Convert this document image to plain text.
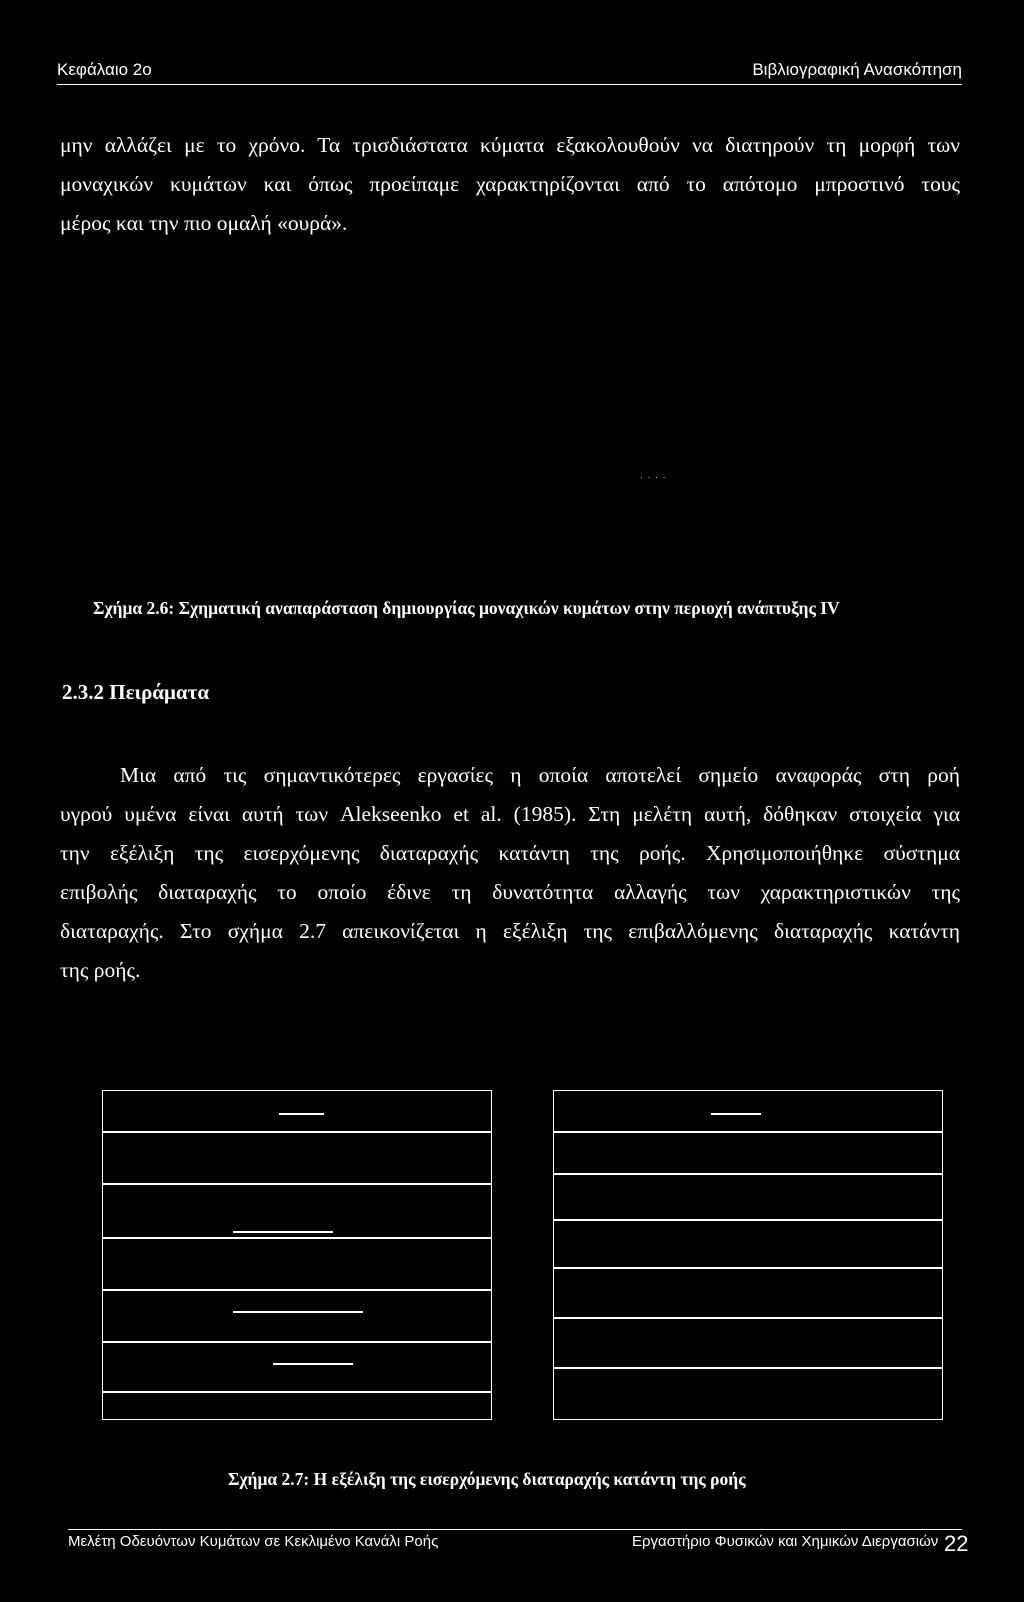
Κεφάλαιο 2ο	Βιβλιογραφική Ανασκόπηση
μην αλλάζει με το χρόνο. Τα τρισδιάστατα κύματα εξακολουθούν να διατηρούν τη μορφή των
μοναχικών κυμάτων και όπως προείπαμε χαρακτηρίζονται από το απότομο μπροστινό τους
μέρος και την πιο ομαλή «ουρά».
. . . .
Σχήμα 2.6: Σχηματική αναπαράσταση δημιουργίας μοναχικών κυμάτων στην περιοχή ανάπτυξης IV
2.3.2 Πειράματα
Μια από τις σημαντικότερες εργασίες η οποία αποτελεί σημείο αναφοράς στη ροή
υγρού υμένα είναι αυτή των Alekseenko et al. (1985). Στη μελέτη αυτή, δόθηκαν στοιχεία για
την εξέλιξη της εισερχόμενης διαταραχής κατάντη της ροής. Χρησιμοποιήθηκε σύστημα
επιβολής διαταραχής το οποίο έδινε τη δυνατότητα αλλαγής των χαρακτηριστικών της
διαταραχής. Στο σχήμα 2.7 απεικονίζεται η εξέλιξη της επιβαλλόμενης διαταραχής κατάντη
της ροής.
Σχήμα 2.7: Η εξέλιξη της εισερχόμενης διαταραχής κατάντη της ροής
Μελέτη Οδευόντων Κυμάτων σε Κεκλιμένο Κανάλι Ροής	Εργαστήριο Φυσικών και Χημικών Διεργασιών 22
